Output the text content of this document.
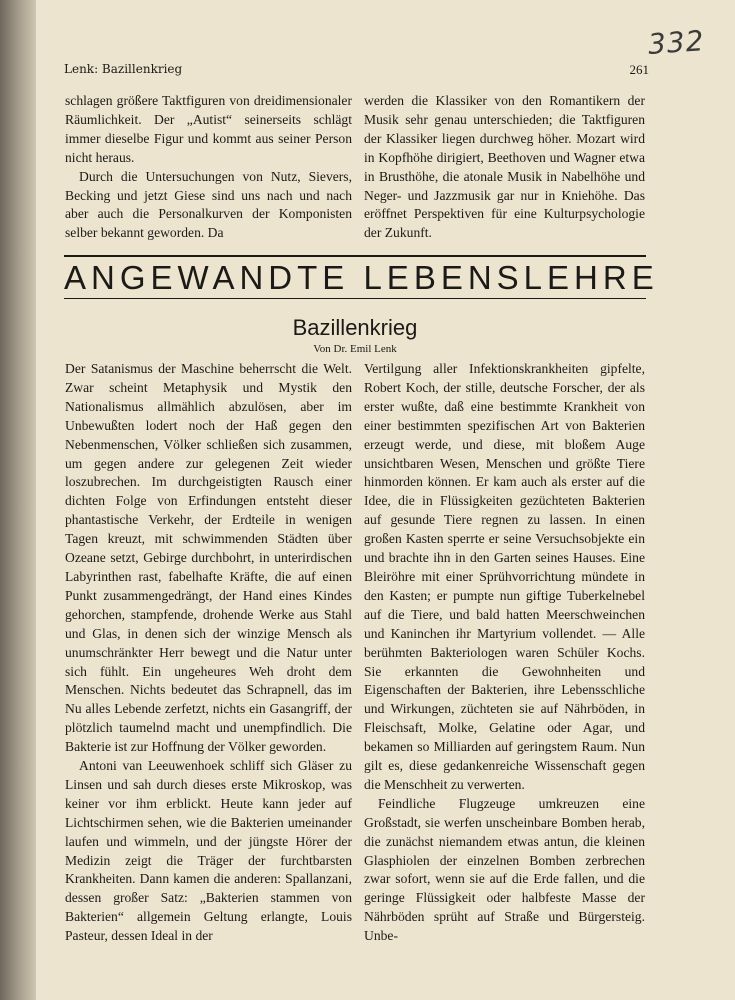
332
Lenk: Bazillenkrieg	261

schlagen größere Taktfiguren von dreidimensionaler Räumlichkeit. Der „Autist“ seinerseits schlägt immer dieselbe Figur und kommt aus seiner Person nicht heraus.

Durch die Untersuchungen von Nutz, Sievers, Becking und jetzt Giese sind uns nach und nach aber auch die Personalkurven der Komponisten selber bekannt geworden. Da

werden die Klassiker von den Romantikern der Musik sehr genau unterschieden; die Taktfiguren der Klassiker liegen durchweg höher. Mozart wird in Kopfhöhe dirigiert, Beethoven und Wagner etwa in Brusthöhe, die atonale Musik in Nabelhöhe und Neger- und Jazzmusik gar nur in Kniehöhe. Das eröffnet Perspektiven für eine Kulturpsychologie der Zukunft.

ANGEWANDTE LEBENSLEHRE
Bazillenkrieg
Von Dr. Emil Lenk

Der Satanismus der Maschine beherrscht die Welt. Zwar scheint Metaphysik und Mystik den Nationalismus allmählich abzulösen, aber im Unbewußten lodert noch der Haß gegen den Nebenmenschen, Völker schließen sich zusammen, um gegen andere zur gelegenen Zeit wieder loszubrechen. Im durchgeistigten Rausch einer dichten Folge von Erfindungen entsteht dieser phantastische Verkehr, der Erdteile in wenigen Tagen kreuzt, mit schwimmenden Städten über Ozeane setzt, Gebirge durchbohrt, in unterirdischen Labyrinthen rast, fabelhafte Kräfte, die auf einen Punkt zusammengedrängt, der Hand eines Kindes gehorchen, stampfende, drohende Werke aus Stahl und Glas, in denen sich der winzige Mensch als unumschränkter Herr bewegt und die Natur unter sich fühlt. Ein ungeheures Weh droht dem Menschen. Nichts bedeutet das Schrapnell, das im Nu alles Lebende zerfetzt, nichts ein Gasangriff, der plötzlich taumelnd macht und unempfindlich. Die Bakterie ist zur Hoffnung der Völker geworden.

Antoni van Leeuwenhoek schliff sich Gläser zu Linsen und sah durch dieses erste Mikroskop, was keiner vor ihm erblickt. Heute kann jeder auf Lichtschirmen sehen, wie die Bakterien umeinander laufen und wimmeln, und der jüngste Hörer der Medizin zeigt die Träger der furchtbarsten Krankheiten. Dann kamen die anderen: Spallanzani, dessen großer Satz: „Bakterien stammen von Bakterien“ allgemein Geltung erlangte, Louis Pasteur, dessen Ideal in der

Vertilgung aller Infektionskrankheiten gipfelte, Robert Koch, der stille, deutsche Forscher, der als erster wußte, daß eine bestimmte Krankheit von einer bestimmten spezifischen Art von Bakterien erzeugt werde, und diese, mit bloßem Auge unsichtbaren Wesen, Menschen und größte Tiere hinmorden können. Er kam auch als erster auf die Idee, die in Flüssigkeiten gezüchteten Bakterien auf gesunde Tiere regnen zu lassen. In einen großen Kasten sperrte er seine Versuchsobjekte ein und brachte ihn in den Garten seines Hauses. Eine Bleiröhre mit einer Sprühvorrichtung mündete in den Kasten; er pumpte nun giftige Tuberkelnebel auf die Tiere, und bald hatten Meerschweinchen und Kaninchen ihr Martyrium vollendet. — Alle berühmten Bakteriologen waren Schüler Kochs. Sie erkannten die Gewohnheiten und Eigenschaften der Bakterien, ihre Lebensschliche und Wirkungen, züchteten sie auf Nährböden, in Fleischsaft, Molke, Gelatine oder Agar, und bekamen so Milliarden auf geringstem Raum. Nun gilt es, diese gedankenreiche Wissenschaft gegen die Menschheit zu verwerten.

Feindliche Flugzeuge umkreuzen eine Großstadt, sie werfen unscheinbare Bomben herab, die zunächst niemandem etwas antun, die kleinen Glasphiolen der einzelnen Bomben zerbrechen zwar sofort, wenn sie auf die Erde fallen, und die geringe Flüssigkeit oder halbfeste Masse der Nährböden sprüht auf Straße und Bürgersteig. Unbe-
